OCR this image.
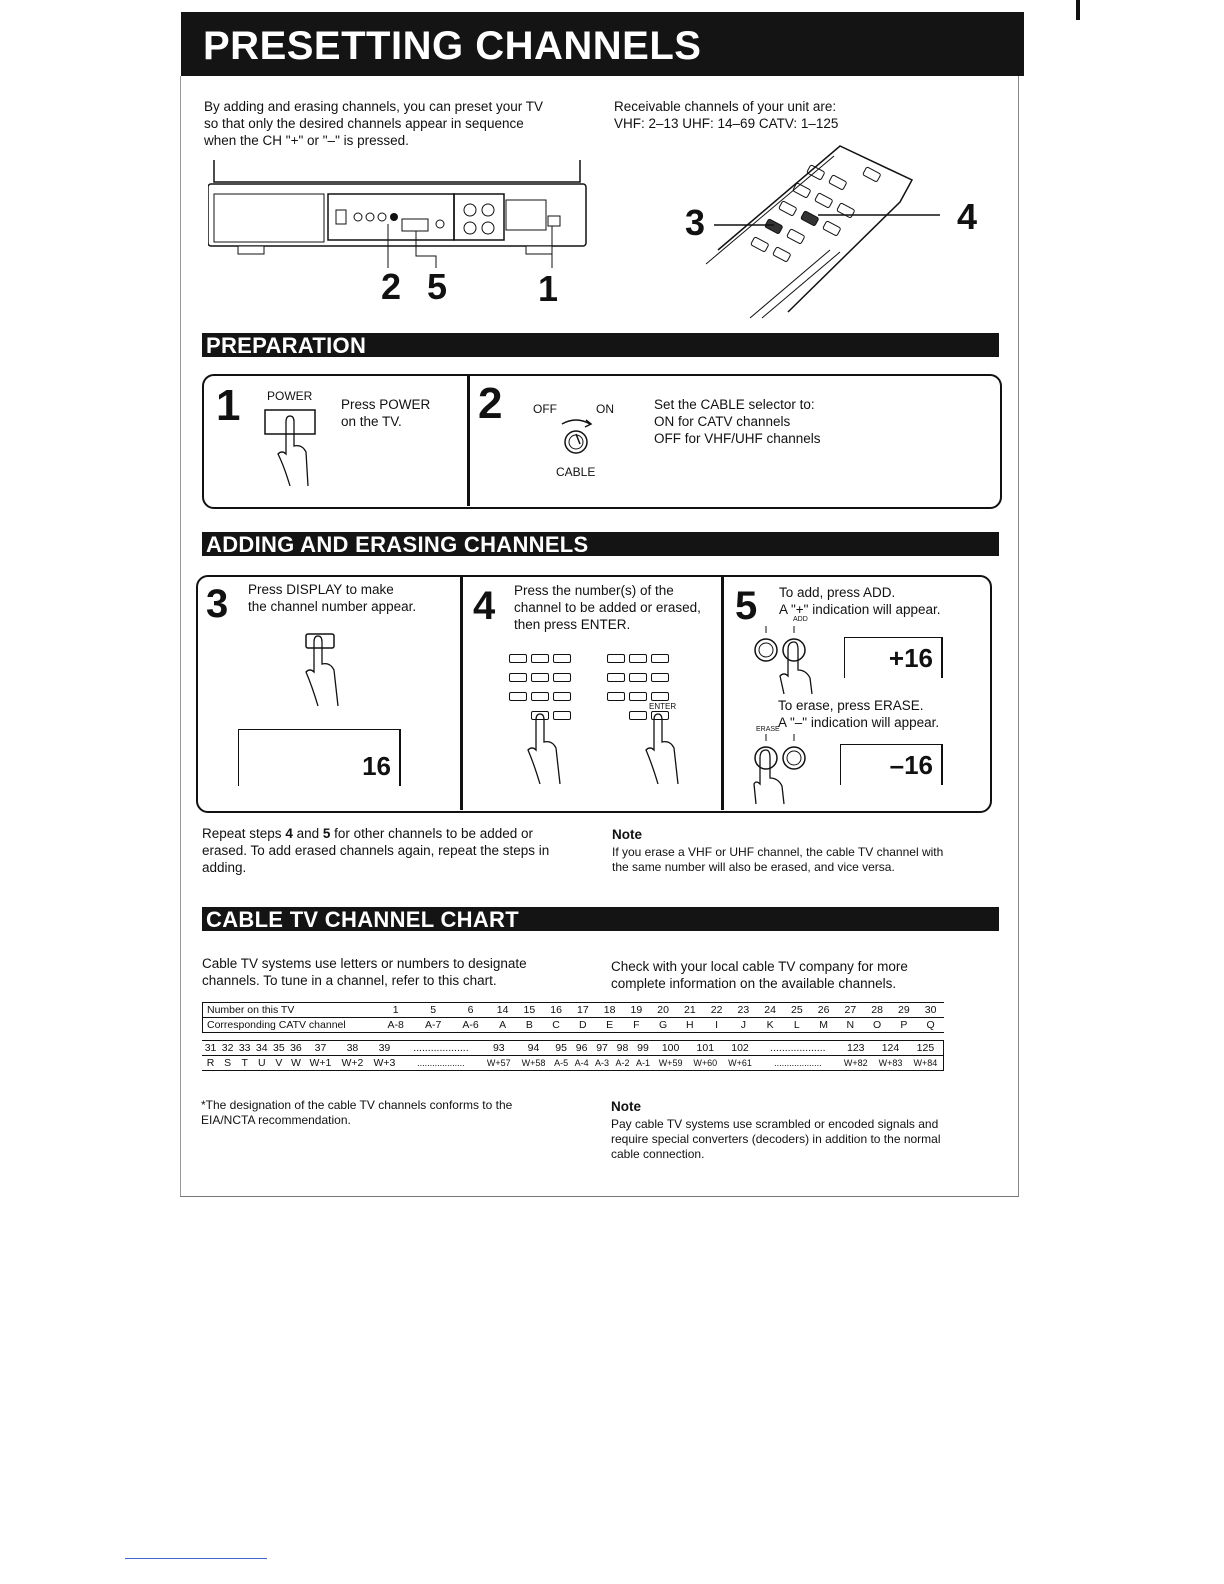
PRESETTING CHANNELS
By adding and erasing channels, you can preset your TV
so that only the desired channels appear in sequence
when the CH "+" or "–" is pressed.
Receivable channels of your unit are:
VHF: 2–13 UHF: 14–69 CATV: 1–125
2 5	1
3	4
PREPARATION
1 POWER
Press POWER
on the TV.	2	OFF	ON
CABLE
Set the CABLE selector to:
ON for CATV channels
OFF for VHF/UHF channels
ADDING AND ERASING CHANNELS
3 Press DISPLAY to make
the channel number appear.
16
4 Press the number(s) of the
channel to be added or erased,
then press ENTER.
ENTER
5 To add, press ADD.
A "+" indication will appear.
ADD
+16
To erase, press ERASE.
A "–" indication will appear.
ERASE
–16
Repeat steps 4 and 5 for other channels to be added or
erased. To add erased channels again, repeat the steps in
adding.
Note
If you erase a VHF or UHF channel, the cable TV channel with
the same number will also be erased, and vice versa.
CABLE TV CHANNEL CHART
Cable TV systems use letters or numbers to designate
channels. To tune in a channel, refer to this chart.
Check with your local cable TV company for more
complete information on the available channels.
Number on this TV	1	5	6	14	15	16	17	18	19	20	21	22	23	24	25	26	27	28	29	30
Corresponding CATV channel	A-8	A-7	A-6	A	B	C	D	E	F	G	H	I	J	K	L	M	N	O	P	Q
31	32	33	34	35	36	37	38	39	...................	93	94	95	96	97	98	99	100	101	102	...................	123	124	125
R	S	T	U	V	W	W+1	W+2	W+3	...................	W+57	W+58	A-5	A-4	A-3	A-2	A-1	W+59	W+60	W+61	...................	W+82	W+83	W+84
*The designation of the cable TV channels conforms to the
EIA/NCTA recommendation.
Note
Pay cable TV systems use scrambled or encoded signals and
require special converters (decoders) in addition to the normal
cable connection.
